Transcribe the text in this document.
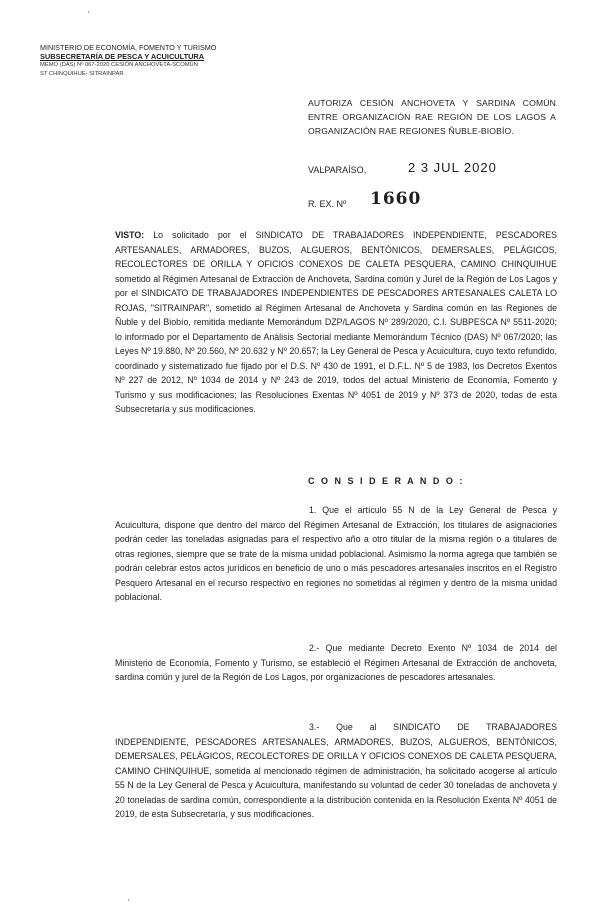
'
MINISTERIO DE ECONOMÍA, FOMENTO Y TURISMO
SUBSECRETARÍA DE PESCA Y ACUICULTURA
MEMO (DAS) Nº 067-2020 CESIÓN ANCHOVETA-SCOMÚN
ST CHINQUIHUE- SITRAINPAR
AUTORIZA CESIÓN ANCHOVETA Y SARDINA COMÚN ENTRE ORGANIZACIÓN RAE REGIÓN DE LOS LAGOS A ORGANIZACIÓN RAE REGIONES ÑUBLE-BIOBÍO.
VALPARAÍSO,	2 3 JUL 2020
R. EX. Nº 1660

VISTO: Lo solicitado por el SINDICATO DE TRABAJADORES INDEPENDIENTE, PESCADORES ARTESANALES, ARMADORES, BUZOS, ALGUEROS, BENTÓNICOS, DEMERSALES, PELÁGICOS, RECOLECTORES DE ORILLA Y OFICIOS CONEXOS DE CALETA PESQUERA, CAMINO CHINQUIHUE sometido al Régimen Artesanal de Extracción de Anchoveta, Sardina común y Jurel de la Región de Los Lagos y por el SINDICATO DE TRABAJADORES INDEPENDIENTES DE PESCADORES ARTESANALES CALETA LO ROJAS, "SITRAINPAR", sometido al Régimen Artesanal de Anchoveta y Sardina común en las Regiones de Ñuble y del Biobío, remitida mediante Memorándum DZP/LAGOS Nº 289/2020, C.I. SUBPESCA Nº 5511-2020; lo informado por el Departamento de Análisis Sectorial mediante Memorándum Técnico (DAS) Nº 067/2020; las Leyes Nº 19.880, Nº 20.560, Nº 20.632 y Nº 20.657; la Ley General de Pesca y Acuicultura, cuyo texto refundido, coordinado y sistematizado fue fijado por el D.S. Nº 430 de 1991, el D.F.L. Nº 5 de 1983, los Decretos Exentos Nº 227 de 2012, Nº 1034 de 2014 y Nº 243 de 2019, todos del actual Ministerio de Economía, Fomento y Turismo y sus modificaciones; las Resoluciones Exentas Nº 4051 de 2019 y Nº 373 de 2020, todas de esta Subsecretaría y sus modificaciones.

C O N S I D E R A N D O :

1. Que el artículo 55 N de la Ley General de Pesca y Acuicultura, dispone que dentro del marco del Régimen Artesanal de Extracción, los titulares de asignaciones podrán ceder las toneladas asignadas para el respectivo año a otro titular de la misma región o a titulares de otras regiones, siempre que se trate de la misma unidad poblacional. Asimismo la norma agrega que también se podrán celebrar estos actos jurídicos en beneficio de uno o más pescadores artesanales inscritos en el Registro Pesquero Artesanal en el recurso respectivo en regiones no sometidas al régimen y dentro de la misma unidad poblacional.

2.- Que mediante Decreto Exento Nº 1034 de 2014 del Ministerio de Economía, Fomento y Turismo, se estableció el Régimen Artesanal de Extracción de anchoveta, sardina común y jurel de la Región de Los Lagos, por organizaciones de pescadores artesanales.

3.- Que al SINDICATO DE TRABAJADORES INDEPENDIENTE, PESCADORES ARTESANALES, ARMADORES, BUZOS, ALGUEROS, BENTÓNICOS, DEMERSALES, PELÁGICOS, RECOLECTORES DE ORILLA Y OFICIOS CONEXOS DE CALETA PESQUERA, CAMINO CHINQUIHUE, sometida al mencionado régimen de administración, ha solicitado acogerse al artículo 55 N de la Ley General de Pesca y Acuicultura, manifestando su voluntad de ceder 30 toneladas de anchoveta y 20 toneladas de sardina común, correspondiente a la distribución contenida en la Resolución Exenta Nº 4051 de 2019, de esta Subsecretaría, y sus modificaciones.

'
